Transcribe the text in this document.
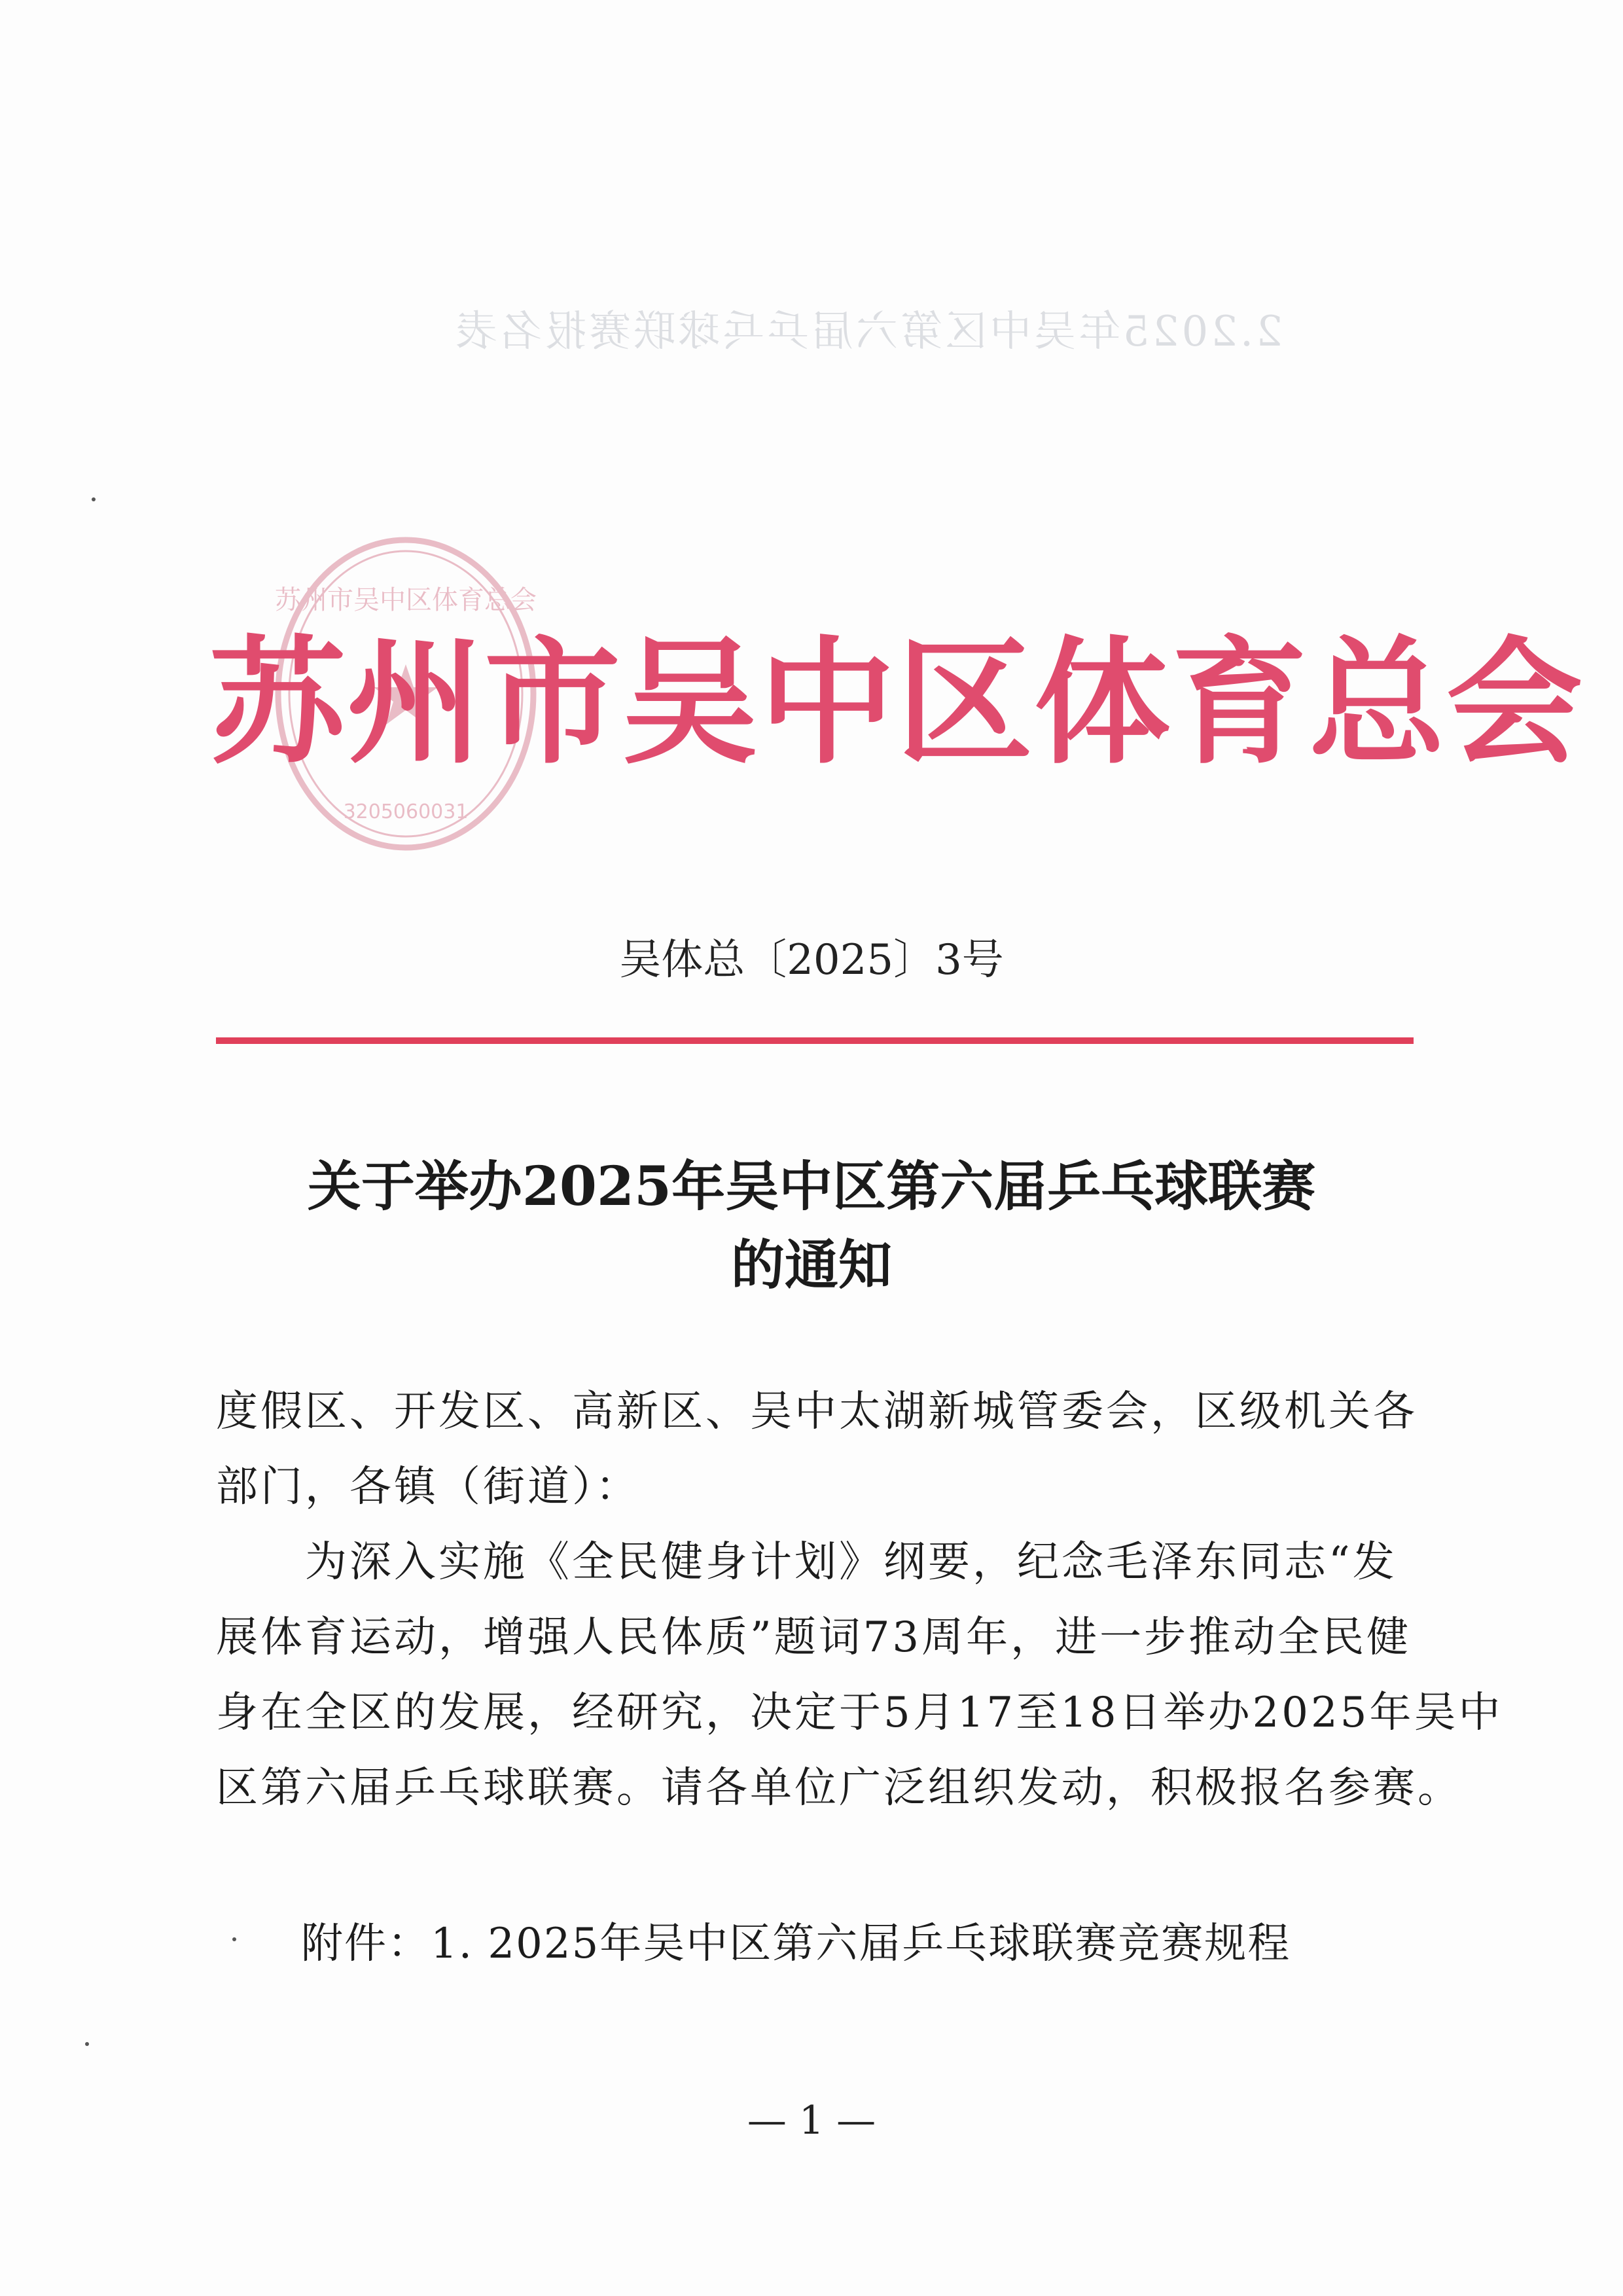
2.2025年吴中区第六届乒乓球联赛报名表
苏州市吴中区体育总会
3205060031
苏州市吴中区体育总会
吴体总〔2025〕3号
关于举办2025年吴中区第六届乒乓球联赛
的通知
度假区、开发区、高新区、吴中太湖新城管委会，区级机关各
部门，各镇（街道）：
　　为深入实施《全民健身计划》纲要，纪念毛泽东同志“发
展体育运动，增强人民体质”题词73周年，进一步推动全民健
身在全区的发展，经研究，决定于5月17至18日举办2025年吴中
区第六届乒乓球联赛。请各单位广泛组织发动，积极报名参赛。
附件：1. 2025年吴中区第六届乒乓球联赛竞赛规程
— 1 —
